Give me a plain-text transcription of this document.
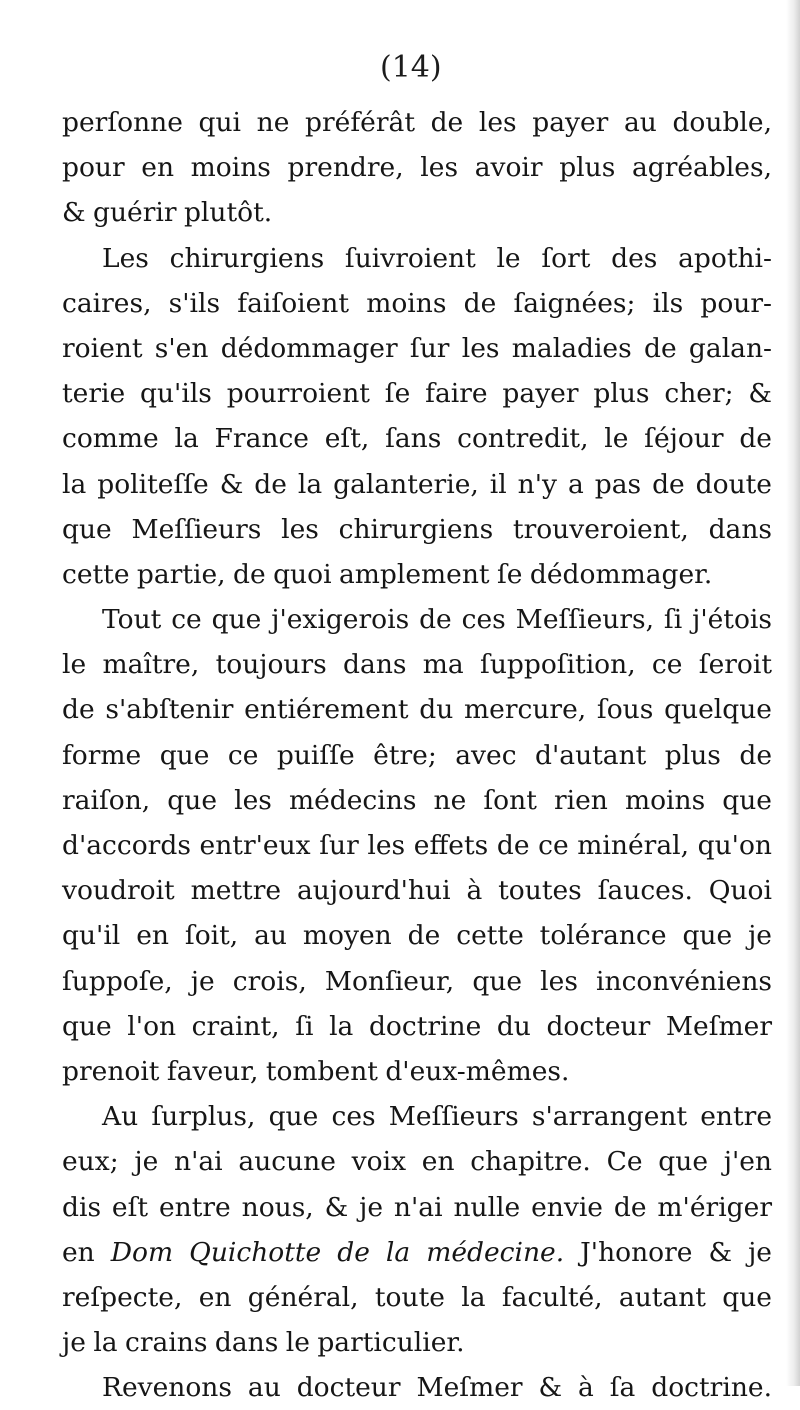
(14)
perſonne qui ne préférât de les payer au double,
pour en moins prendre, les avoir plus agréables,
& guérir plutôt.
Les chirurgiens ſuivroient le ſort des apothi-
caires, s'ils faiſoient moins de ſaignées; ils pour-
roient s'en dédommager ſur les maladies de galan-
terie qu'ils pourroient ſe faire payer plus cher; &
comme la France eſt, ſans contredit, le ſéjour de
la politeſſe & de la galanterie, il n'y a pas de doute
que Meſſieurs les chirurgiens trouveroient, dans
cette partie, de quoi amplement ſe dédommager.
Tout ce que j'exigerois de ces Meſſieurs, ſi j'étois
le maître, toujours dans ma ſuppoſition, ce ſeroit
de s'abſtenir entiérement du mercure, ſous quelque
forme que ce puiſſe être; avec d'autant plus de
raiſon, que les médecins ne ſont rien moins que
d'accords entr'eux ſur les effets de ce minéral, qu'on
voudroit mettre aujourd'hui à toutes ſauces. Quoi
qu'il en ſoit, au moyen de cette tolérance que je
ſuppoſe, je crois, Monſieur, que les inconvéniens
que l'on craint, ſi la doctrine du docteur Meſmer
prenoit faveur, tombent d'eux-mêmes.
Au ſurplus, que ces Meſſieurs s'arrangent entre
eux; je n'ai aucune voix en chapitre. Ce que j'en
dis eſt entre nous, & je n'ai nulle envie de m'ériger
en Dom Quichotte de la médecine. J'honore & je
reſpecte, en général, toute la faculté, autant que
je la crains dans le particulier.
Revenons au docteur Meſmer & à ſa doctrine.
